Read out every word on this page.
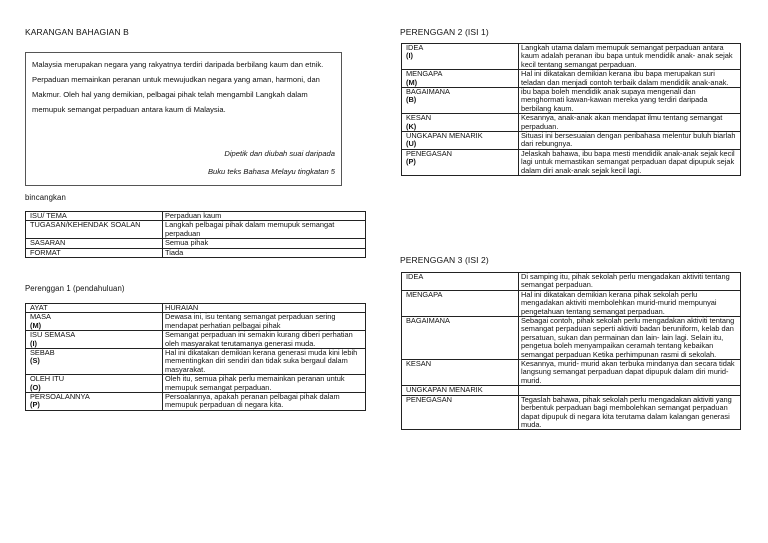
KARANGAN BAHAGIAN B
Malaysia merupakan negara yang rakyatnya terdiri daripada berbilang kaum dan etnik. Perpaduan memainkan peranan untuk mewujudkan negara yang aman, harmoni, dan Makmur. Oleh hal yang demikian, pelbagai pihak telah mengambil Langkah dalam memupuk semangat perpaduan antara kaum di Malaysia.
Dipetik dan diubah suai daripada
Buku teks Bahasa Melayu tingkatan 5
bincangkan
ISU/ TEMA	Perpaduan kaum

TUGASAN/KEHENDAK SOALAN	Langkah pelbagai pihak dalam memupuk semangat perpaduan

SASARAN	Semua pihak

FORMAT	Tiada
Perenggan 1 (pendahuluan)
AYAT	HURAIAN

MASA
(M)	Dewasa ini, isu tentang semangat perpaduan sering mendapat perhatian pelbagai pihak

ISU SEMASA
(I)	Semangat perpaduan ini semakin kurang diberi perhatian oleh masyarakat terutamanya generasi muda.

SEBAB
(S)	Hal ini dikatakan demikian kerana generasi muda kini lebih mementingkan diri sendiri dan tidak suka bergaul dalam masyarakat.

OLEH ITU
(O)	Oleh itu, semua pihak perlu memainkan peranan untuk memupuk semangat perpaduan.

PERSOALANNYA
(P)	Persoalannya, apakah peranan pelbagai pihak dalam memupuk perpaduan di negara kita.
PERENGGAN 2 (ISI 1)
IDEA
(I)	Langkah utama dalam memupuk semangat perpaduan antara kaum adalah peranan ibu bapa untuk mendidik anak- anak sejak kecil tentang semangat perpaduan.

MENGAPA
(M)	Hal ini dikatakan demikian kerana ibu bapa merupakan suri teladan dan menjadi contoh terbaik dalam mendidik anak-anak.

BAGAIMANA
(B)	ibu bapa boleh mendidik anak supaya mengenali dan menghormati kawan-kawan mereka yang terdiri daripada berbilang kaum.

KESAN
(K)	Kesannya, anak-anak akan mendapat ilmu tentang semangat perpaduan.

UNGKAPAN MENARIK
(U)	Situasi ini bersesuaian dengan peribahasa melentur buluh biarlah dari rebungnya.

PENEGASAN
(P)	Jelaskah bahawa, ibu bapa mesti mendidik anak-anak sejak kecil lagi untuk memastikan semangat perpaduan dapat dipupuk sejak dalam diri anak-anak sejak kecil lagi.
PERENGGAN 3 (ISI 2)
IDEA	Di samping itu, pihak sekolah perlu mengadakan aktiviti tentang semangat perpaduan.

MENGAPA	Hal ini dikatakan demikian kerana pihak sekolah perlu mengadakan aktiviti membolehkan murid-murid mempunyai pengetahuan tentang semangat perpaduan.

BAGAIMANA	Sebagai contoh, pihak sekolah perlu mengadakan aktiviti tentang semangat perpaduan seperti aktiviti badan beruniform, kelab dan persatuan, sukan dan permainan dan lain- lain lagi. Selain itu, pengetua boleh menyampaikan ceramah tentang kebaikan semangat perpaduan Ketika perhimpunan rasmi di sekolah.

KESAN	Kesannya, murid- murid akan terbuka mindanya dan secara tidak langsung semangat perpaduan dapat dipupuk dalam diri murid-murid.

UNGKAPAN MENARIK	

PENEGASAN	Tegaslah bahawa, pihak sekolah perlu mengadakan aktiviti yang berbentuk perpaduan bagi membolehkan semangat perpaduan dapat dipupuk di negara kita terutama dalam kalangan generasi muda.
